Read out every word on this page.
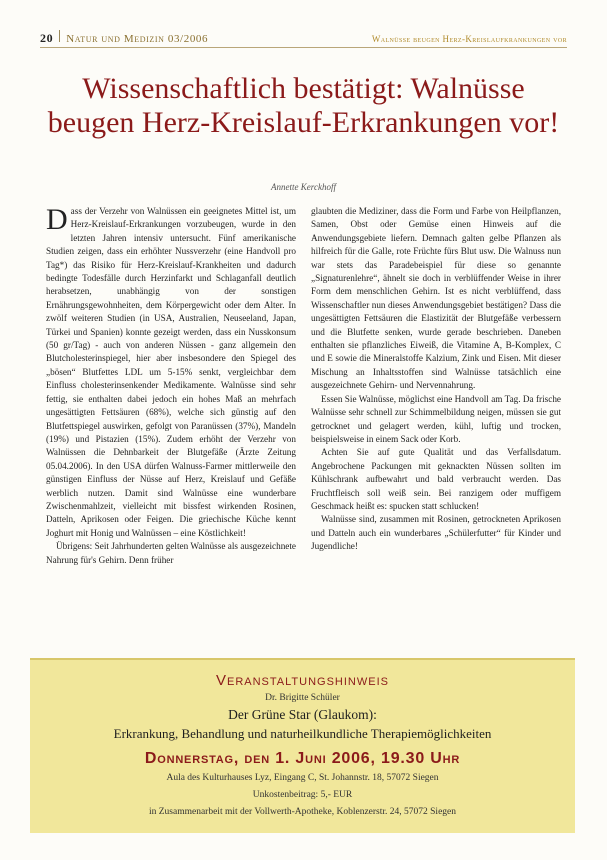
20 Natur und Medizin 03/2006	Walnüsse beugen Herz-Kreislaufkrankungen vor
Wissenschaftlich bestätigt: Walnüsse beugen Herz-Kreislauf-Erkrankungen vor!
Annette Kerckhoff

Dass der Verzehr von Walnüssen ein geeignetes Mittel ist, um Herz-Kreislauf-Erkrankungen vorzubeugen, wurde in den letzten Jahren intensiv untersucht. Fünf amerikanische Studien zeigen, dass ein erhöhter Nussverzehr (eine Handvoll pro Tag*) das Risiko für Herz-Kreislauf-Krankheiten und dadurch bedingte Todesfälle durch Herzinfarkt und Schlaganfall deutlich herabsetzen, unabhängig von der sonstigen Ernährungsgewohnheiten, dem Körpergewicht oder dem Alter. In zwölf weiteren Studien (in USA, Australien, Neuseeland, Japan, Türkei und Spanien) konnte gezeigt werden, dass ein Nusskonsum (50 gr/Tag) - auch von anderen Nüssen - ganz allgemein den Blutcholesterinspiegel, hier aber insbesondere den Spiegel des „bösen“ Blutfettes LDL um 5-15% senkt, vergleichbar dem Einfluss cholesterinsenkender Medikamente. Walnüsse sind sehr fettig, sie enthalten dabei jedoch ein hohes Maß an mehrfach ungesättigten Fettsäuren (68%), welche sich günstig auf den Blutfettspiegel auswirken, gefolgt von Paranüssen (37%), Mandeln (19%) und Pistazien (15%). Zudem erhöht der Verzehr von Walnüssen die Dehnbarkeit der Blutgefäße (Ärzte Zeitung 05.04.2006). In den USA dürfen Walnuss-Farmer mittlerweile den günstigen Einfluss der Nüsse auf Herz, Kreislauf und Gefäße werblich nutzen. Damit sind Walnüsse eine wunderbare Zwischenmahlzeit, vielleicht mit bissfest wirkenden Rosinen, Datteln, Aprikosen oder Feigen. Die griechische Küche kennt Joghurt mit Honig und Walnüssen – eine Köstlichkeit!

Übrigens: Seit Jahrhunderten gelten Walnüsse als ausgezeichnete Nahrung für's Gehirn. Denn früher

glaubten die Mediziner, dass die Form und Farbe von Heilpflanzen, Samen, Obst oder Gemüse einen Hinweis auf die Anwendungsgebiete liefern. Demnach galten gelbe Pflanzen als hilfreich für die Galle, rote Früchte fürs Blut usw. Die Walnuss nun war stets das Paradebeispiel für diese so genannte „Signaturenlehre“, ähnelt sie doch in verblüffender Weise in ihrer Form dem menschlichen Gehirn. Ist es nicht verblüffend, dass Wissenschaftler nun dieses Anwendungsgebiet bestätigen? Dass die ungesättigten Fettsäuren die Elastizität der Blutgefäße verbessern und die Blutfette senken, wurde gerade beschrieben. Daneben enthalten sie pflanzliches Eiweiß, die Vitamine A, B-Komplex, C und E sowie die Mineralstoffe Kalzium, Zink und Eisen. Mit dieser Mischung an Inhaltsstoffen sind Walnüsse tatsächlich eine ausgezeichnete Gehirn- und Nervennahrung.

Essen Sie Walnüsse, möglichst eine Handvoll am Tag. Da frische Walnüsse sehr schnell zur Schimmelbildung neigen, müssen sie gut getrocknet und gelagert werden, kühl, luftig und trocken, beispielsweise in einem Sack oder Korb.

Achten Sie auf gute Qualität und das Verfallsdatum. Angebrochene Packungen mit geknackten Nüssen sollten im Kühlschrank aufbewahrt und bald verbraucht werden. Das Fruchtfleisch soll weiß sein. Bei ranzigem oder muffigem Geschmack heißt es: spucken statt schlucken!

Walnüsse sind, zusammen mit Rosinen, getrockneten Aprikosen und Datteln auch ein wunderbares „Schülerfutter“ für Kinder und Jugendliche!

Veranstaltungshinweis
Dr. Brigitte Schüler
Der Grüne Star (Glaukom):
Erkrankung, Behandlung und naturheilkundliche Therapiemöglichkeiten
Donnerstag, den 1. Juni 2006, 19.30 Uhr
Aula des Kulturhauses Lyz, Eingang C, St. Johannstr. 18, 57072 Siegen
Unkostenbeitrag: 5,- EUR
in Zusammenarbeit mit der Vollwerth-Apotheke, Koblenzerstr. 24, 57072 Siegen
